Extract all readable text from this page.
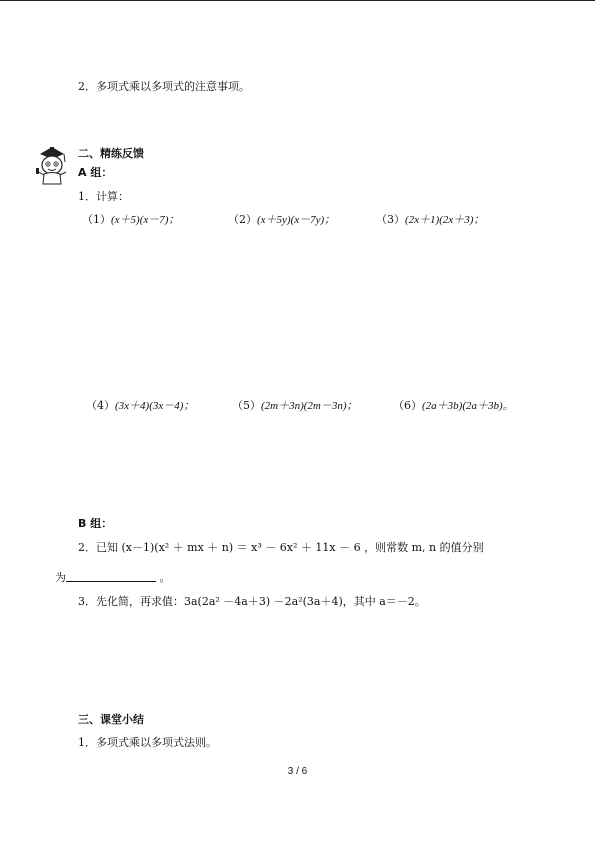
2．多项式乘以多项式的注意事项。
二、精练反馈
A 组：
1．计算：
（1）(x＋5)(x－7)；	（2）(x＋5y)(x－7y)；	（3）(2x＋1)(2x＋3)；
（4）(3x＋4)(3x－4)；	（5）(2m＋3n)(2m－3n)；	（6）(2a＋3b)(2a＋3b)。
B 组：
2．已知 (x－1)(x² ＋ mx ＋ n) ＝ x³ － 6x² ＋ 11x － 6 ，则常数 m, n 的值分别
为	。
3．先化简，再求值：3a(2a² －4a＋3) －2a²(3a＋4)，其中 a＝－2。
三、课堂小结
1．多项式乘以多项式法则。
3 / 6
